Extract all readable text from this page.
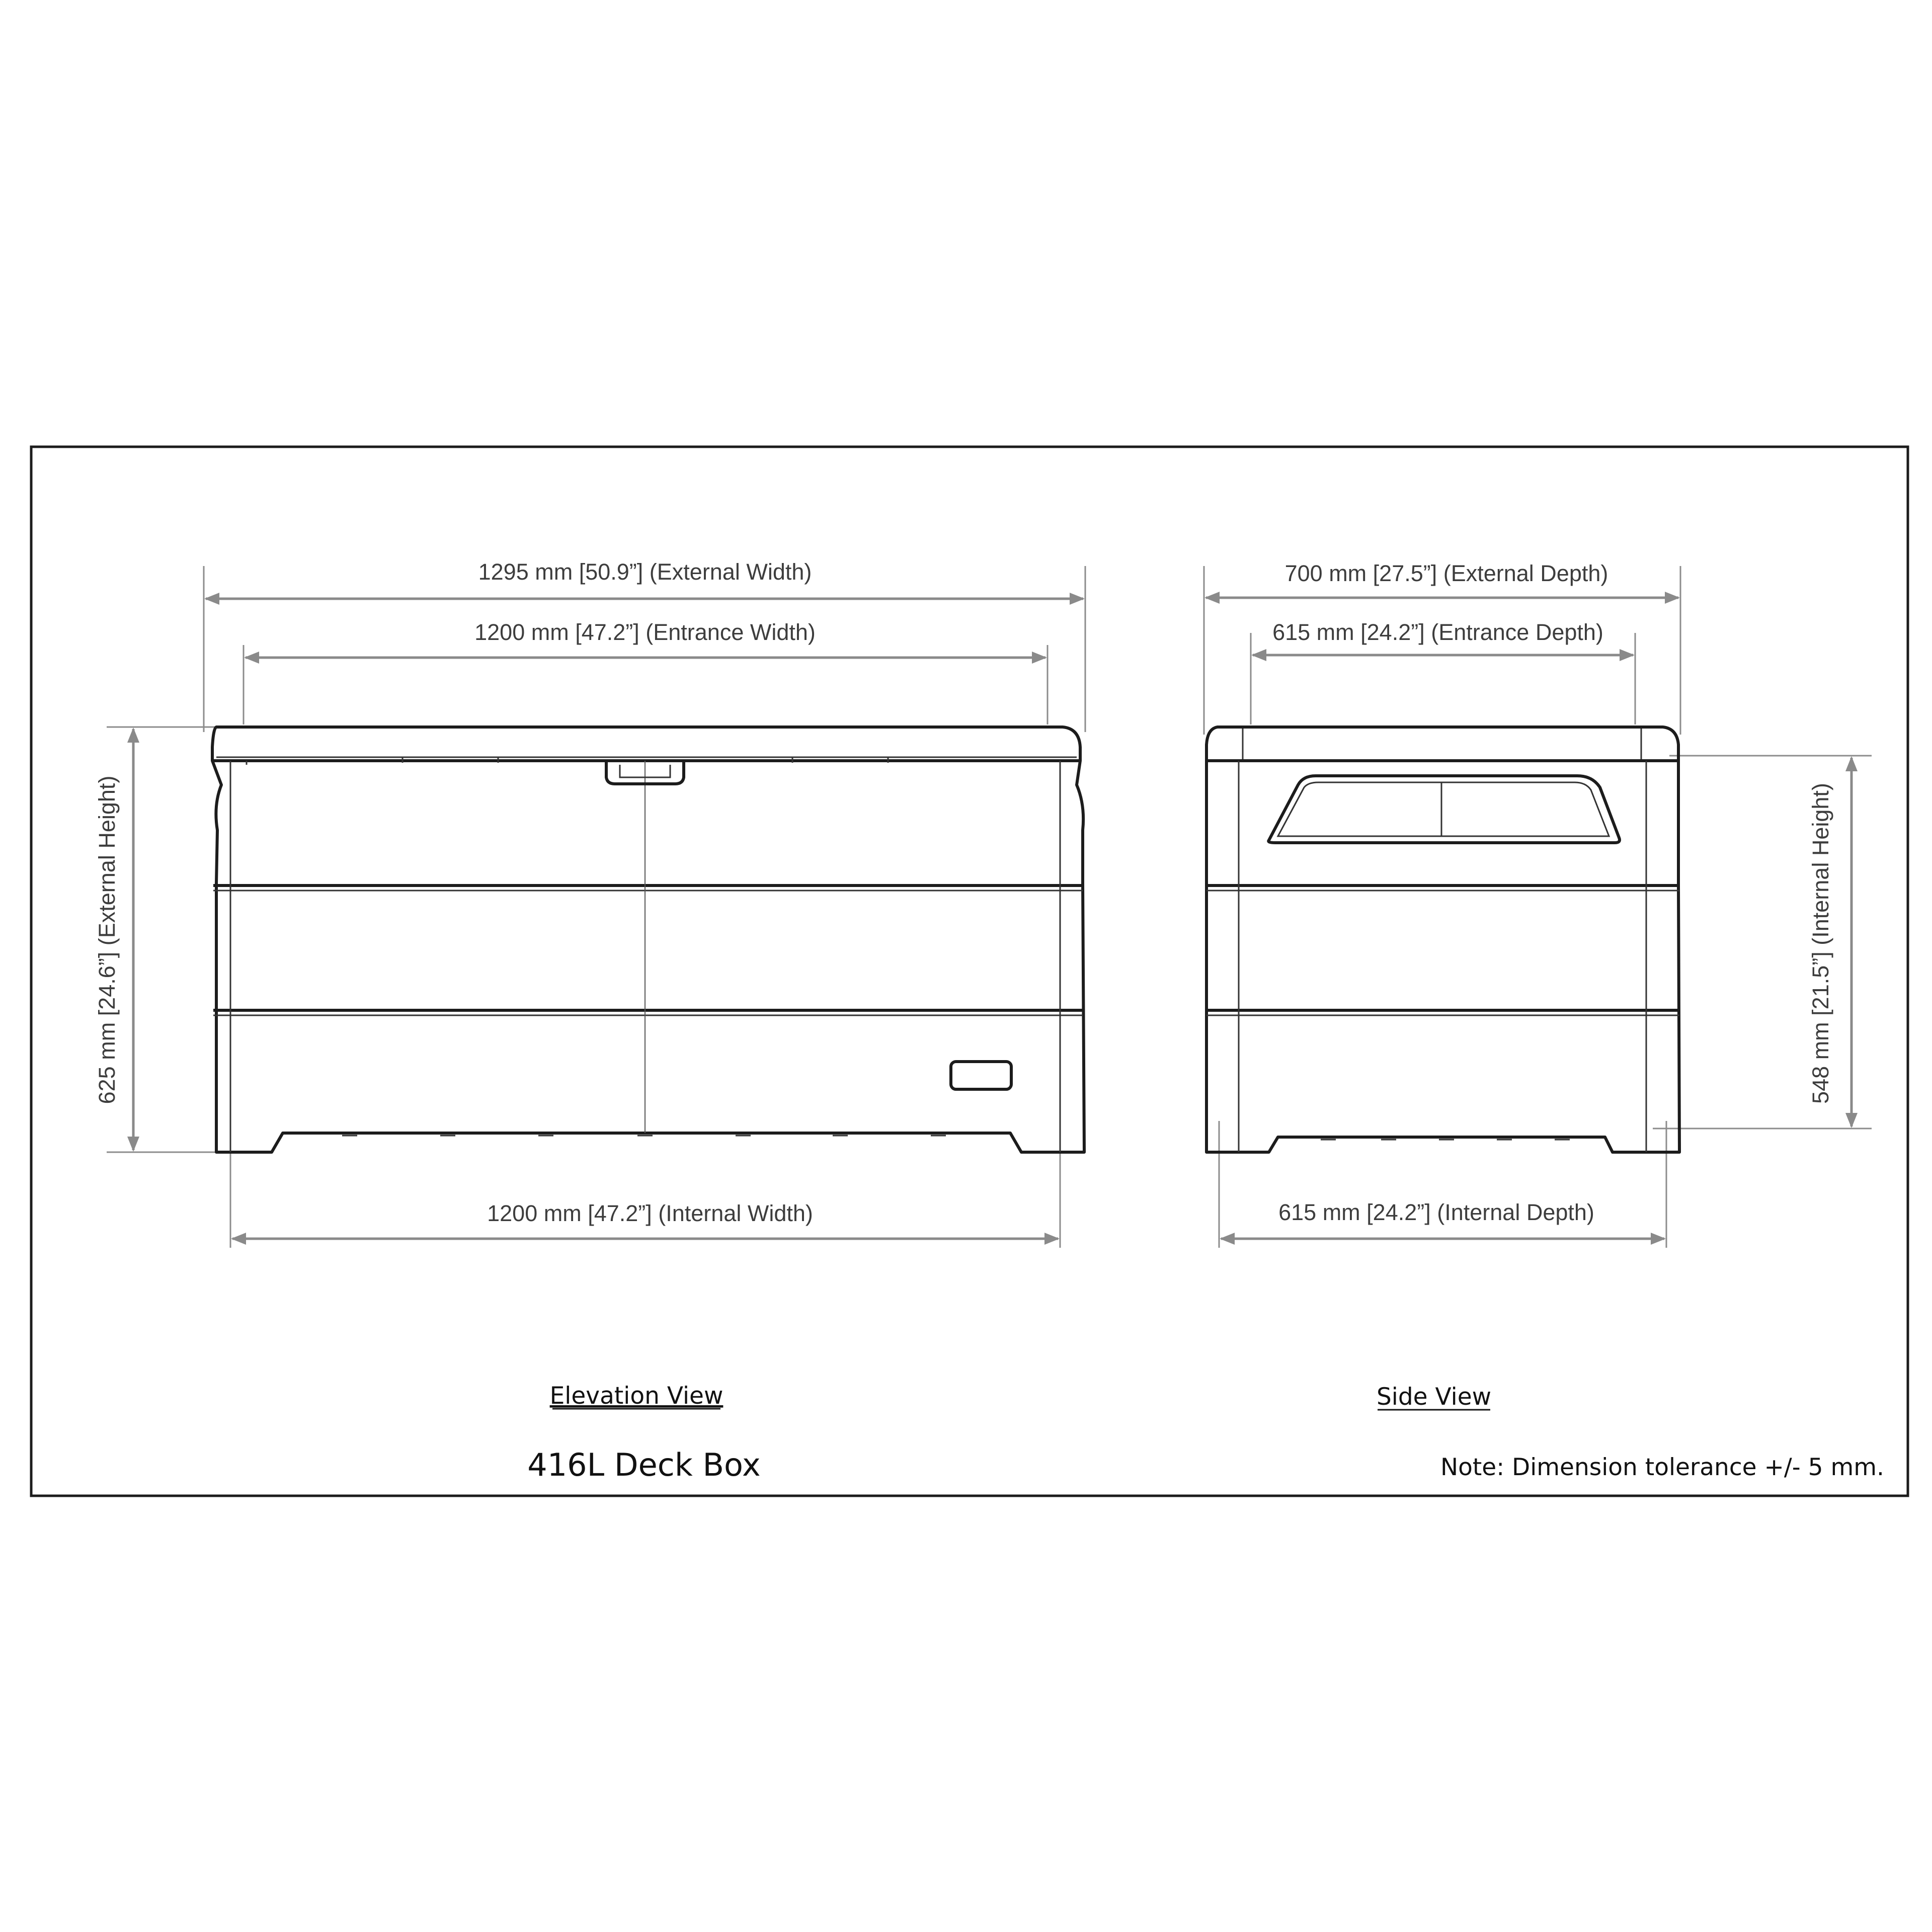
1295 mm [50.9”] (External Width)
1200 mm [47.2”] (Entrance Width)
1200 mm [47.2”] (Internal Width)
625 mm [24.6”] (External Height)
Elevation View
700 mm [27.5”] (External Depth)
615 mm [24.2”] (Entrance Depth)
615 mm [24.2”] (Internal Depth)
548 mm [21.5”] (Internal Height)
Side View
416L Deck Box	Note: Dimension tolerance +/- 5 mm.
